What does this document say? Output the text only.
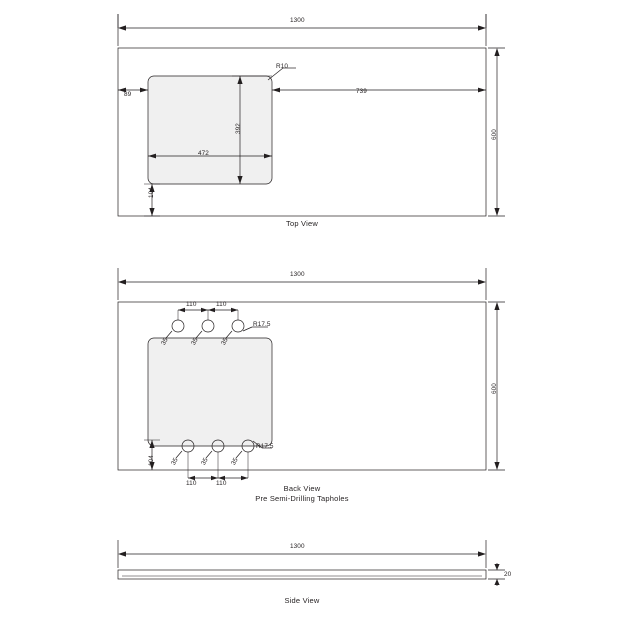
1300
600
89	739
472
392
104
R10
Top View
1300
600
110	110
110	110
R17.5
R17.5
104
35	35	35
35	35	35
Back View
Pre Semi-Drilling Tapholes
1300
20
Side View
